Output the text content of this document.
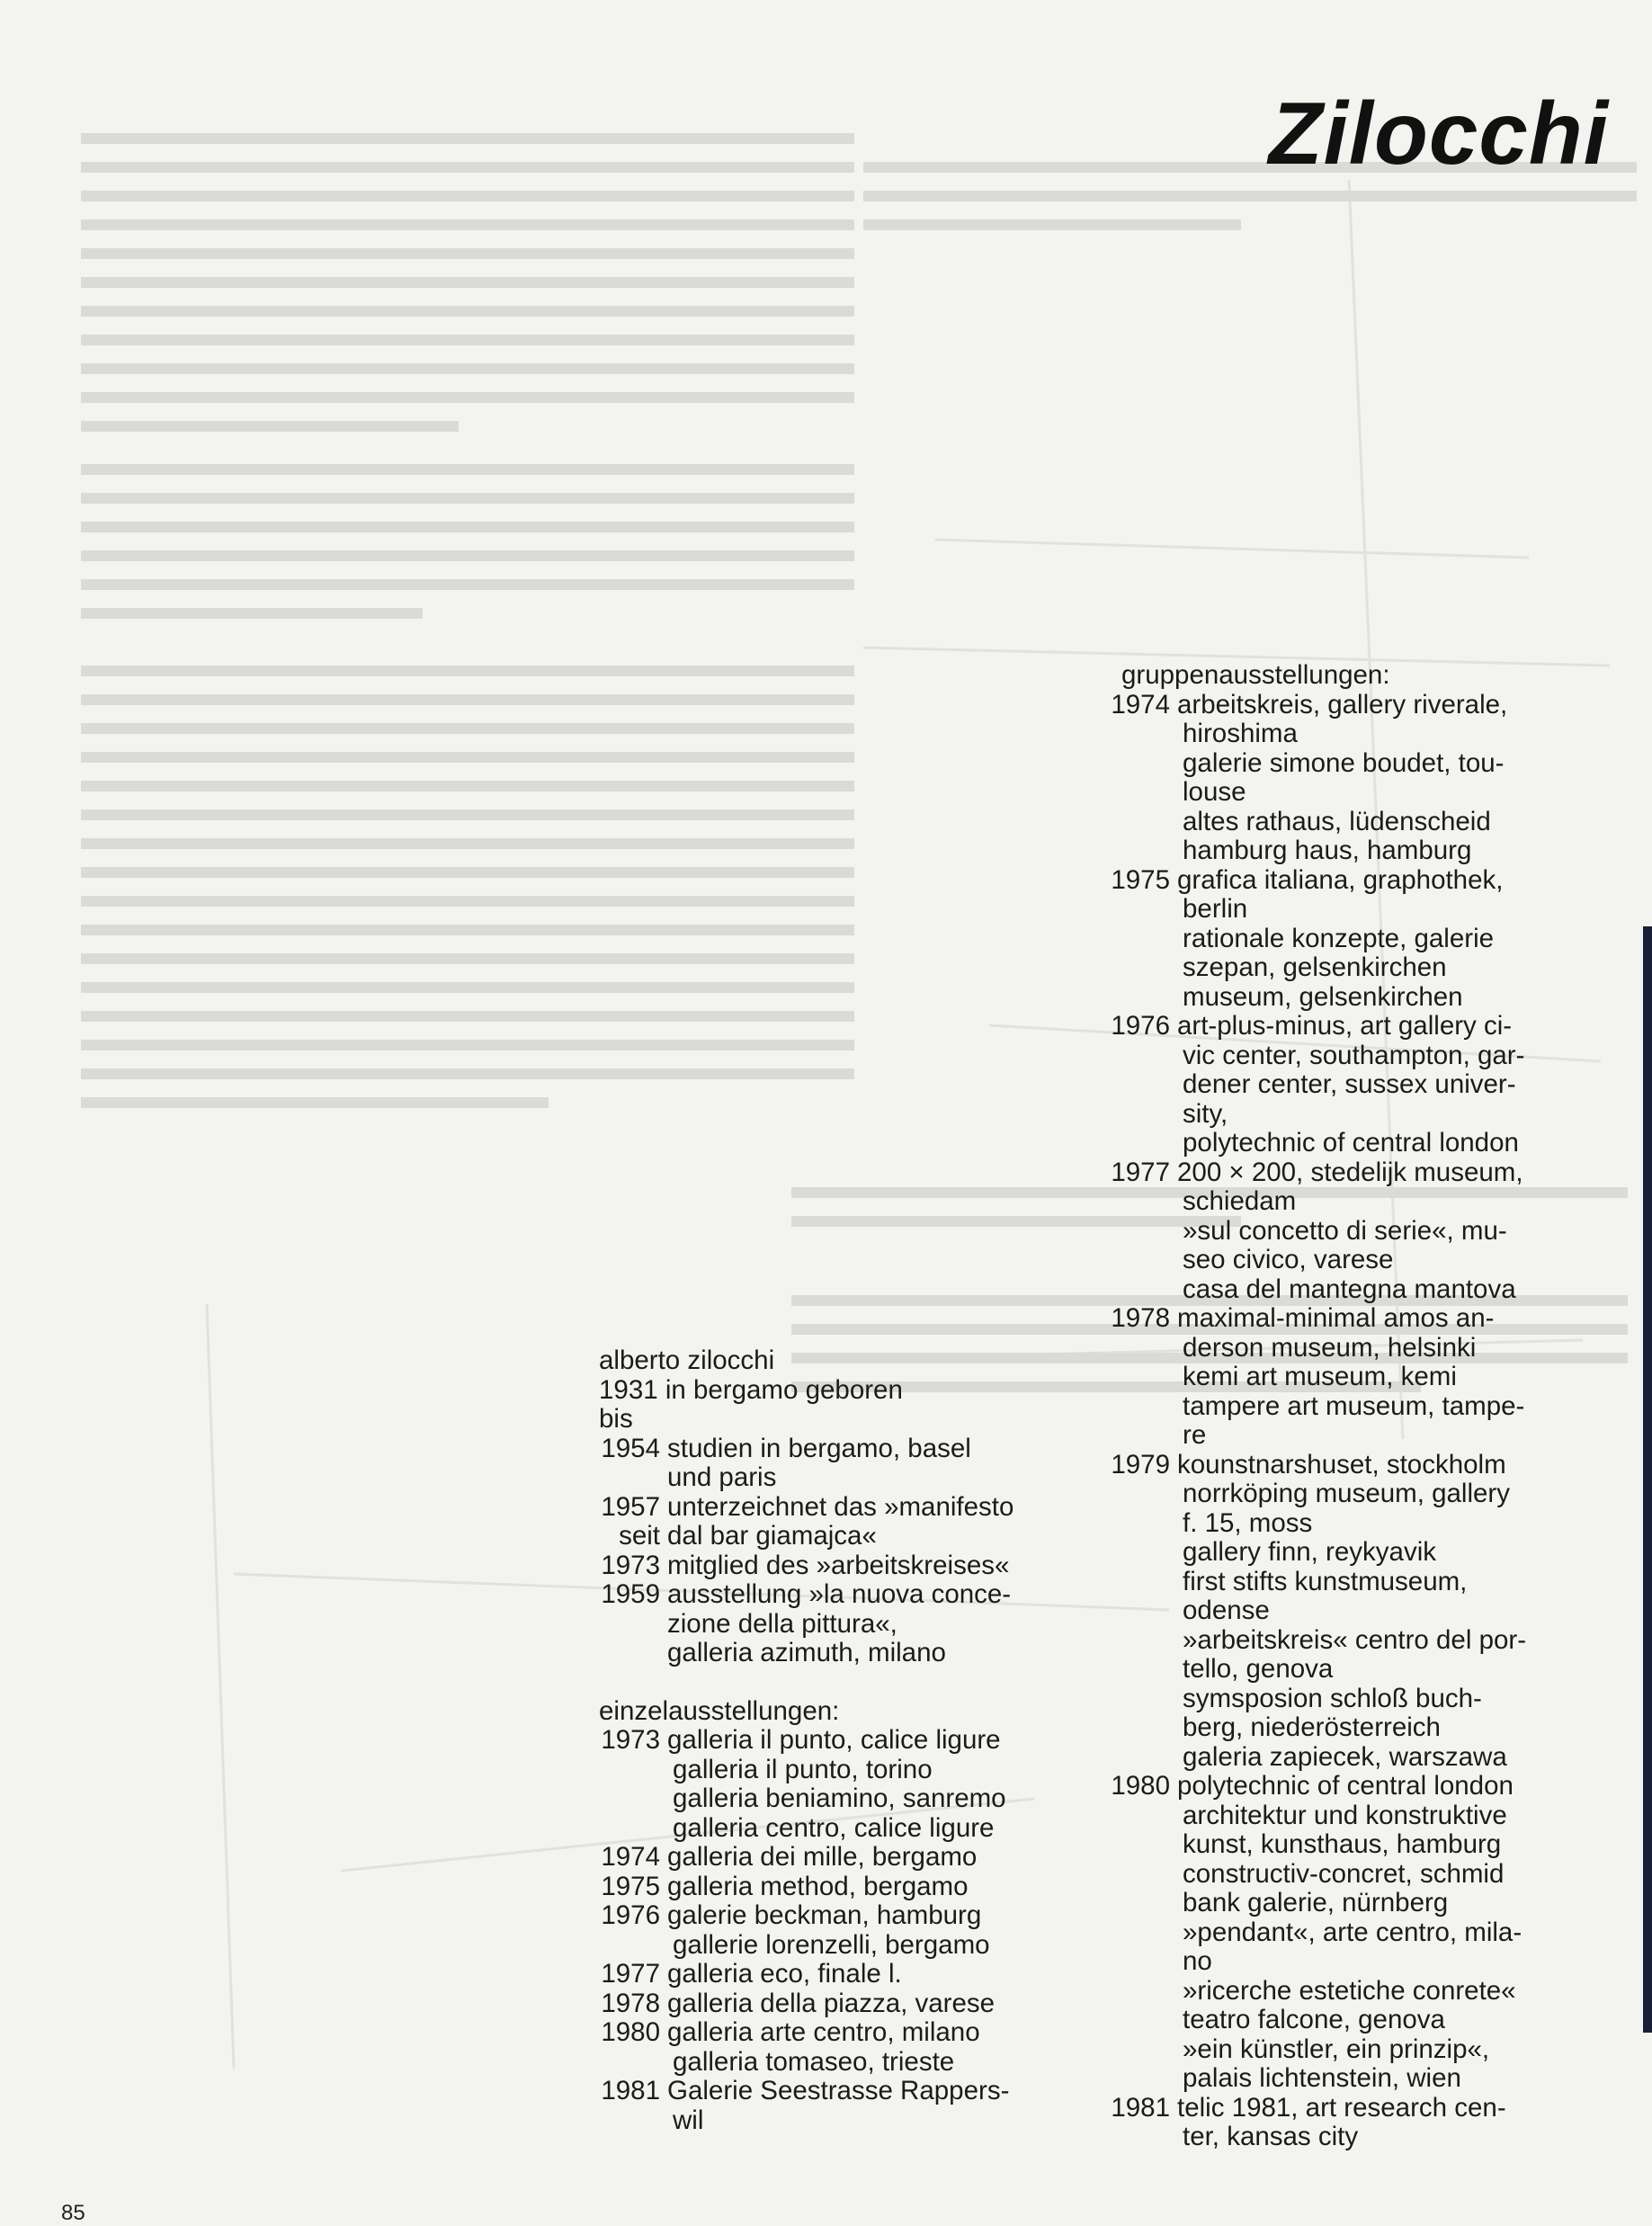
Zilocchi
alberto zilocchi
1931 in bergamo geboren
bis
1954 studien in bergamo, basel
und paris
1957 unterzeichnet das »manifesto
seit dal bar giamajca«
1973 mitglied des »arbeitskreises«
1959 ausstellung »la nuova conce-
zione della pittura«,
galleria azimuth, milano
einzelausstellungen:
1973 galleria il punto, calice ligure
galleria il punto, torino
galleria beniamino, sanremo
galleria centro, calice ligure
1974 galleria dei mille, bergamo
1975 galleria method, bergamo
1976 galerie beckman, hamburg
gallerie lorenzelli, bergamo
1977 galleria eco, finale l.
1978 galleria della piazza, varese
1980 galleria arte centro, milano
galleria tomaseo, trieste
1981 Galerie Seestrasse Rappers-
wil
gruppenausstellungen:
1974 arbeitskreis, gallery riverale,
hiroshima
galerie simone boudet, tou-
louse
altes rathaus, lüdenscheid
hamburg haus, hamburg
1975 grafica italiana, graphothek,
berlin
rationale konzepte, galerie
szepan, gelsenkirchen
museum, gelsenkirchen
1976 art-plus-minus, art gallery ci-
vic center, southampton, gar-
dener center, sussex univer-
sity,
polytechnic of central london
1977 200 × 200, stedelijk museum,
schiedam
»sul concetto di serie«, mu-
seo civico, varese
casa del mantegna mantova
1978 maximal-minimal amos an-
derson museum, helsinki
kemi art museum, kemi
tampere art museum, tampe-
re
1979 kounstnarshuset, stockholm
norrköping museum, gallery
f. 15, moss
gallery finn, reykyavik
first stifts kunstmuseum,
odense
»arbeitskreis« centro del por-
tello, genova
symsposion schloß buch-
berg, niederösterreich
galeria zapiecek, warszawa
1980 polytechnic of central london
architektur und konstruktive
kunst, kunsthaus, hamburg
constructiv-concret, schmid
bank galerie, nürnberg
»pendant«, arte centro, mila-
no
»ricerche estetiche conrete«
teatro falcone, genova
»ein künstler, ein prinzip«,
palais lichtenstein, wien
1981 telic 1981, art research cen-
ter, kansas city
85
